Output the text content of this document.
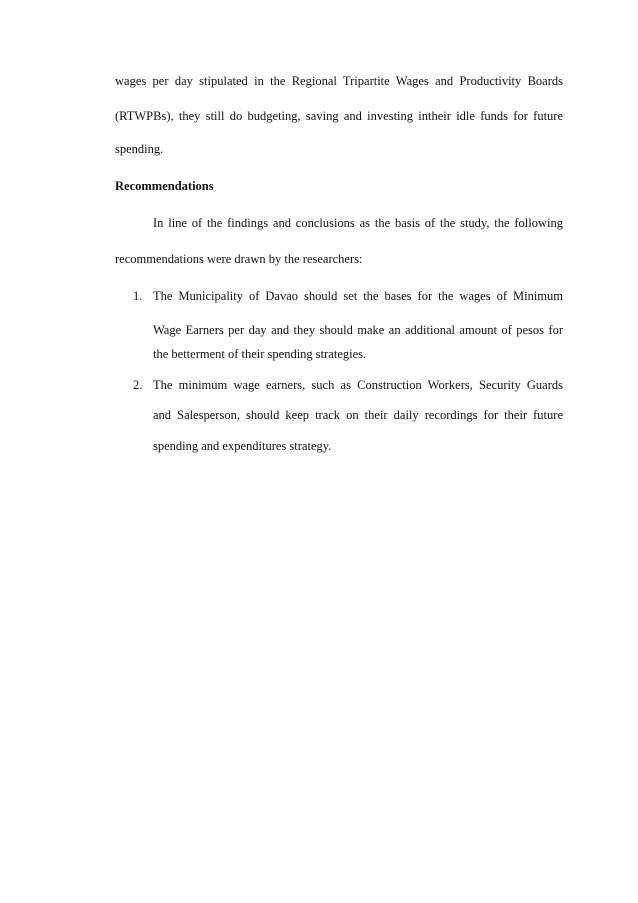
wages per day stipulated in the Regional Tripartite Wages and Productivity Boards

(RTWPBs), they still do budgeting, saving and investing intheir idle funds for future

spending.

Recommendations

In line of the findings and conclusions as the basis of the study, the following

recommendations were drawn by the researchers:

1. The Municipality of Davao should set the bases for the wages of Minimum

Wage Earners per day and they should make an additional amount of pesos for

the betterment of their spending strategies.

2. The minimum wage earners, such as Construction Workers, Security Guards

and Salesperson, should keep track on their daily recordings for their future

spending and expenditures strategy.
